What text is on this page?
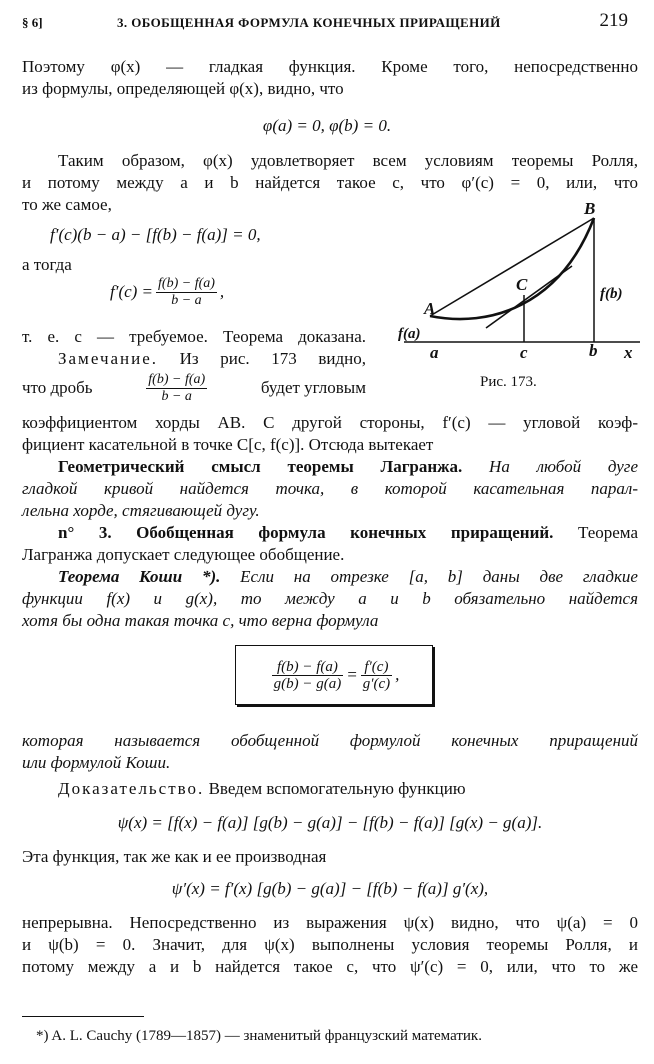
§ 6]	3. ОБОБЩЕННАЯ ФОРМУЛА КОНЕЧНЫХ ПРИРАЩЕНИЙ	219
Поэтому φ(x) — гладкая функция. Кроме того, непосредственно
из формулы, определяющей φ(x), видно, что
φ(a) = 0, φ(b) = 0.
Таким образом, φ(x) удовлетворяет всем условиям теоремы Ролля,
и потому между a и b найдется такое c, что φ′(c) = 0, или, что
то же самое,
f′(c)(b − a) − [f(b) − f(a)] = 0,
а тогда
$f'(c) = \frac{f(b) - f(a)}{b - a}$ ,
т. е. c — требуемое. Теорема доказана.
Замечание. Из рис. 173 видно,
что дробь	$\frac{f(b) - f(a)}{b - a}$	будет угловым
A
B
C
f(a)
f(b)
a	c	b x
Рис. 173.
коэффициентом хорды AB. С другой стороны, f′(c) — угловой коэф-
фициент касательной в точке C[c, f(c)]. Отсюда вытекает
Геометрический смысл теоремы Лагранжа. На любой дуге
гладкой кривой найдется точка, в которой касательная парал-
лельна хорде, стягивающей дугу.
n° 3. Обобщенная формула конечных приращений. Теорема
Лагранжа допускает следующее обобщение.
Теорема Коши *). Если на отрезке [a, b] даны две гладкие
функции f(x) и g(x), то между a и b обязательно найдется
хотя бы одна такая точка c, что верна формула
$\frac{f(b) - f(a)}{g(b) - g(a)} = \frac{f'(c)}{g'(c)}$ ,
которая называется обобщенной формулой конечных приращений
или формулой Коши.
Доказательство. Введем вспомогательную функцию
ψ(x) = [f(x) − f(a)] [g(b) − g(a)] − [f(b) − f(a)] [g(x) − g(a)].
Эта функция, так же как и ее производная
ψ′(x) = f′(x) [g(b) − g(a)] − [f(b) − f(a)] g′(x),
непрерывна. Непосредственно из выражения ψ(x) видно, что ψ(a) = 0
и ψ(b) = 0. Значит, для ψ(x) выполнены условия теоремы Ролля, и
потому между a и b найдется такое c, что ψ′(c) = 0, или, что то же
*) A. L. Cauchy (1789—1857) — знаменитый французский математик.
